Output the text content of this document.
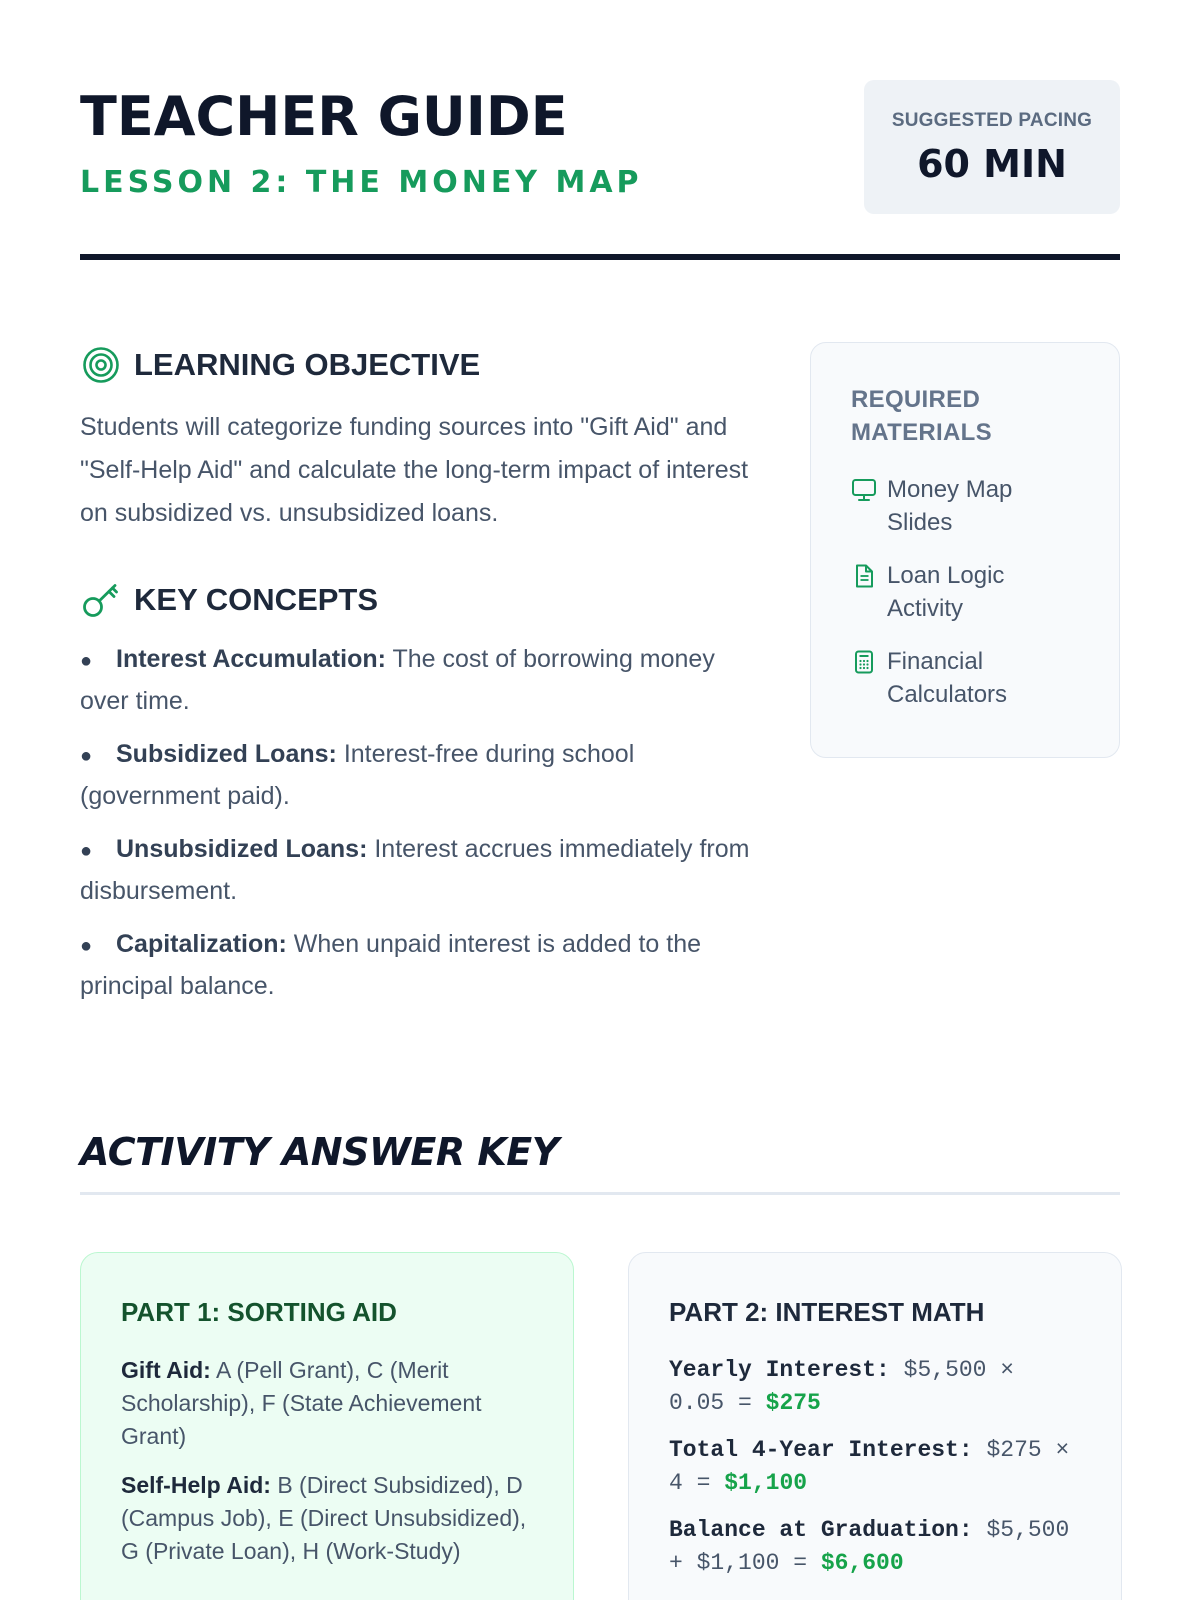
TEACHER GUIDE
LESSON 2: THE MONEY MAP
SUGGESTED PACING
60 MIN
LEARNING OBJECTIVE

Students will categorize funding sources into "Gift Aid" and "Self-Help Aid" and calculate the long-term impact of interest on subsidized vs. unsubsidized loans.

KEY CONCEPTS
● Interest Accumulation: The cost of borrowing money over time.
● Subsidized Loans: Interest-free during school (government paid).
● Unsubsidized Loans: Interest accrues immediately from disbursement.
● Capitalization: When unpaid interest is added to the principal balance.
REQUIRED MATERIALS
Money Map Slides
Loan Logic Activity
Financial Calculators
ACTIVITY ANSWER KEY
PART 1: SORTING AID

Gift Aid: A (Pell Grant), C (Merit Scholarship), F (State Achievement Grant)

Self-Help Aid: B (Direct Subsidized), D (Campus Job), E (Direct Unsubsidized), G (Private Loan), H (Work-Study)

PART 2: INTEREST MATH

Yearly Interest: $5,500 × 0.05 = $275

Total 4-Year Interest: $275 × 4 = $1,100

Balance at Graduation: $5,500 + $1,100 = $6,600
